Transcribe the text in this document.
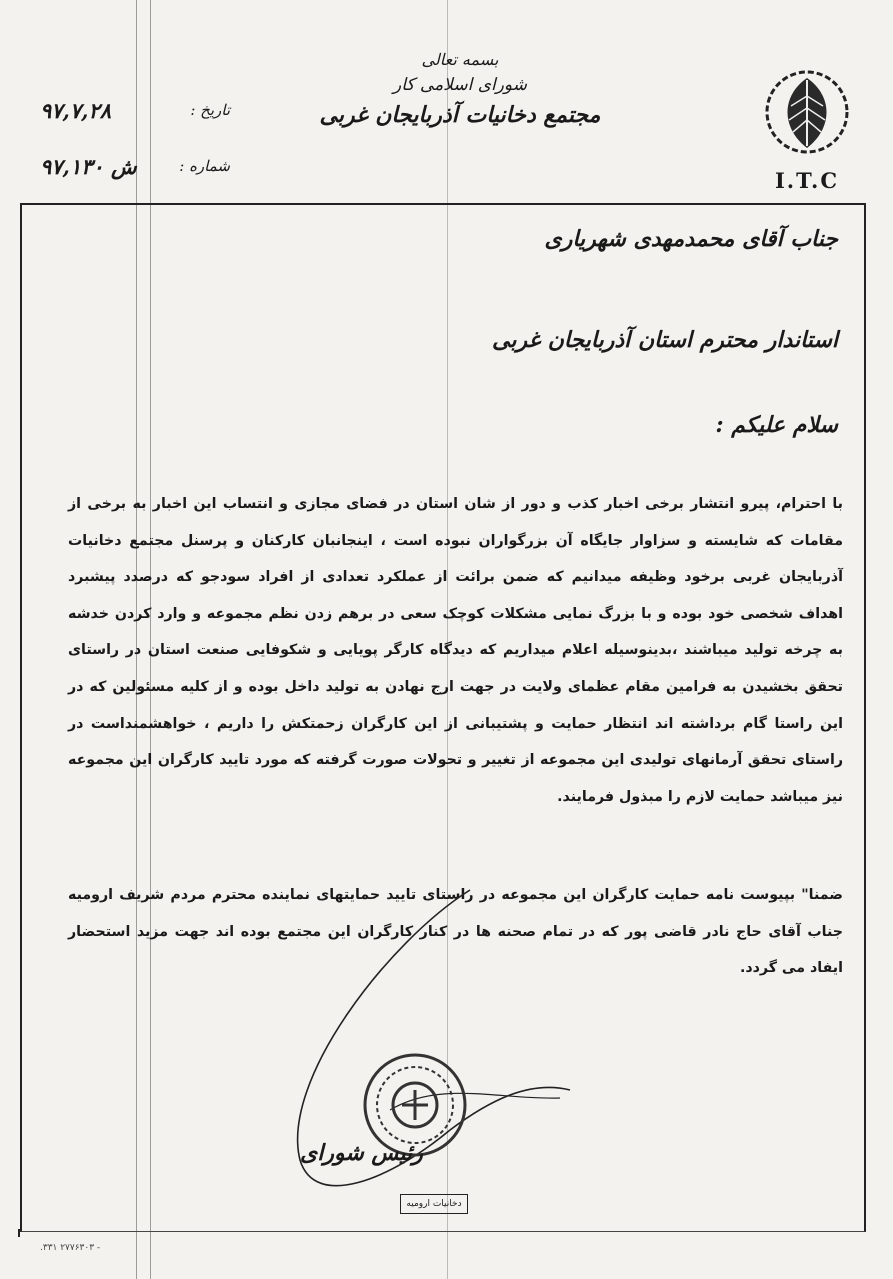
I.T.C
بسمه تعالی
شورای اسلامی کار
مجتمع دخانیات آذربایجان غربی
تاریخ :
۹۷,۷,۲۸
شماره :
۹۷,۱۳۰ ش
جناب آقای محمدمهدی شهریاری
استاندار محترم استان آذربایجان غربی
سلام علیکم :
با احترام، پیرو انتشار برخی اخبار کذب و دور از شان استان در فضای مجازی و انتساب این اخبار به برخی از مقامات که شایسته و سزاوار جایگاه آن بزرگواران نبوده است ، اینجانبان کارکنان و پرسنل مجتمع دخانیات آذربایجان غربی برخود وظیفه میدانیم که ضمن برائت از عملکرد تعدادی از افراد سودجو که درصدد پیشبرد اهداف شخصی خود بوده و با بزرگ نمایی مشکلات کوچک سعی در برهم زدن نظم مجموعه و وارد کردن خدشه به چرخه تولید میباشند ،بدینوسیله اعلام میداریم که دیدگاه کارگر پویایی و شکوفایی صنعت استان در راستای تحقق بخشیدن به فرامین مقام عظمای ولایت در جهت ارج نهادن به تولید داخل بوده و از کلیه مسئولین که در این راستا گام برداشته اند انتظار حمایت و پشتیبانی از این کارگران زحمتکش را داریم ، خواهشمنداست در راستای تحقق آرمانهای تولیدی این مجموعه از تغییر و تحولات صورت گرفته که مورد تایید کارگران این مجموعه نیز میباشد حمایت لازم را مبذول فرمایند.
ضمنا" بپیوست نامه حمایت کارگران این مجموعه در راستای تایید حمایتهای نماینده محترم مردم شریف ارومیه جناب آقای حاج نادر قاضی پور که در تمام صحنه ها در کنار کارگران این مجتمع بوده اند جهت مزید استحضار ایفاد می گردد.
رئیس شورای
دخانیات ارومیه
.۳۳۱ ۲۷۷۶۳۰۳ -
